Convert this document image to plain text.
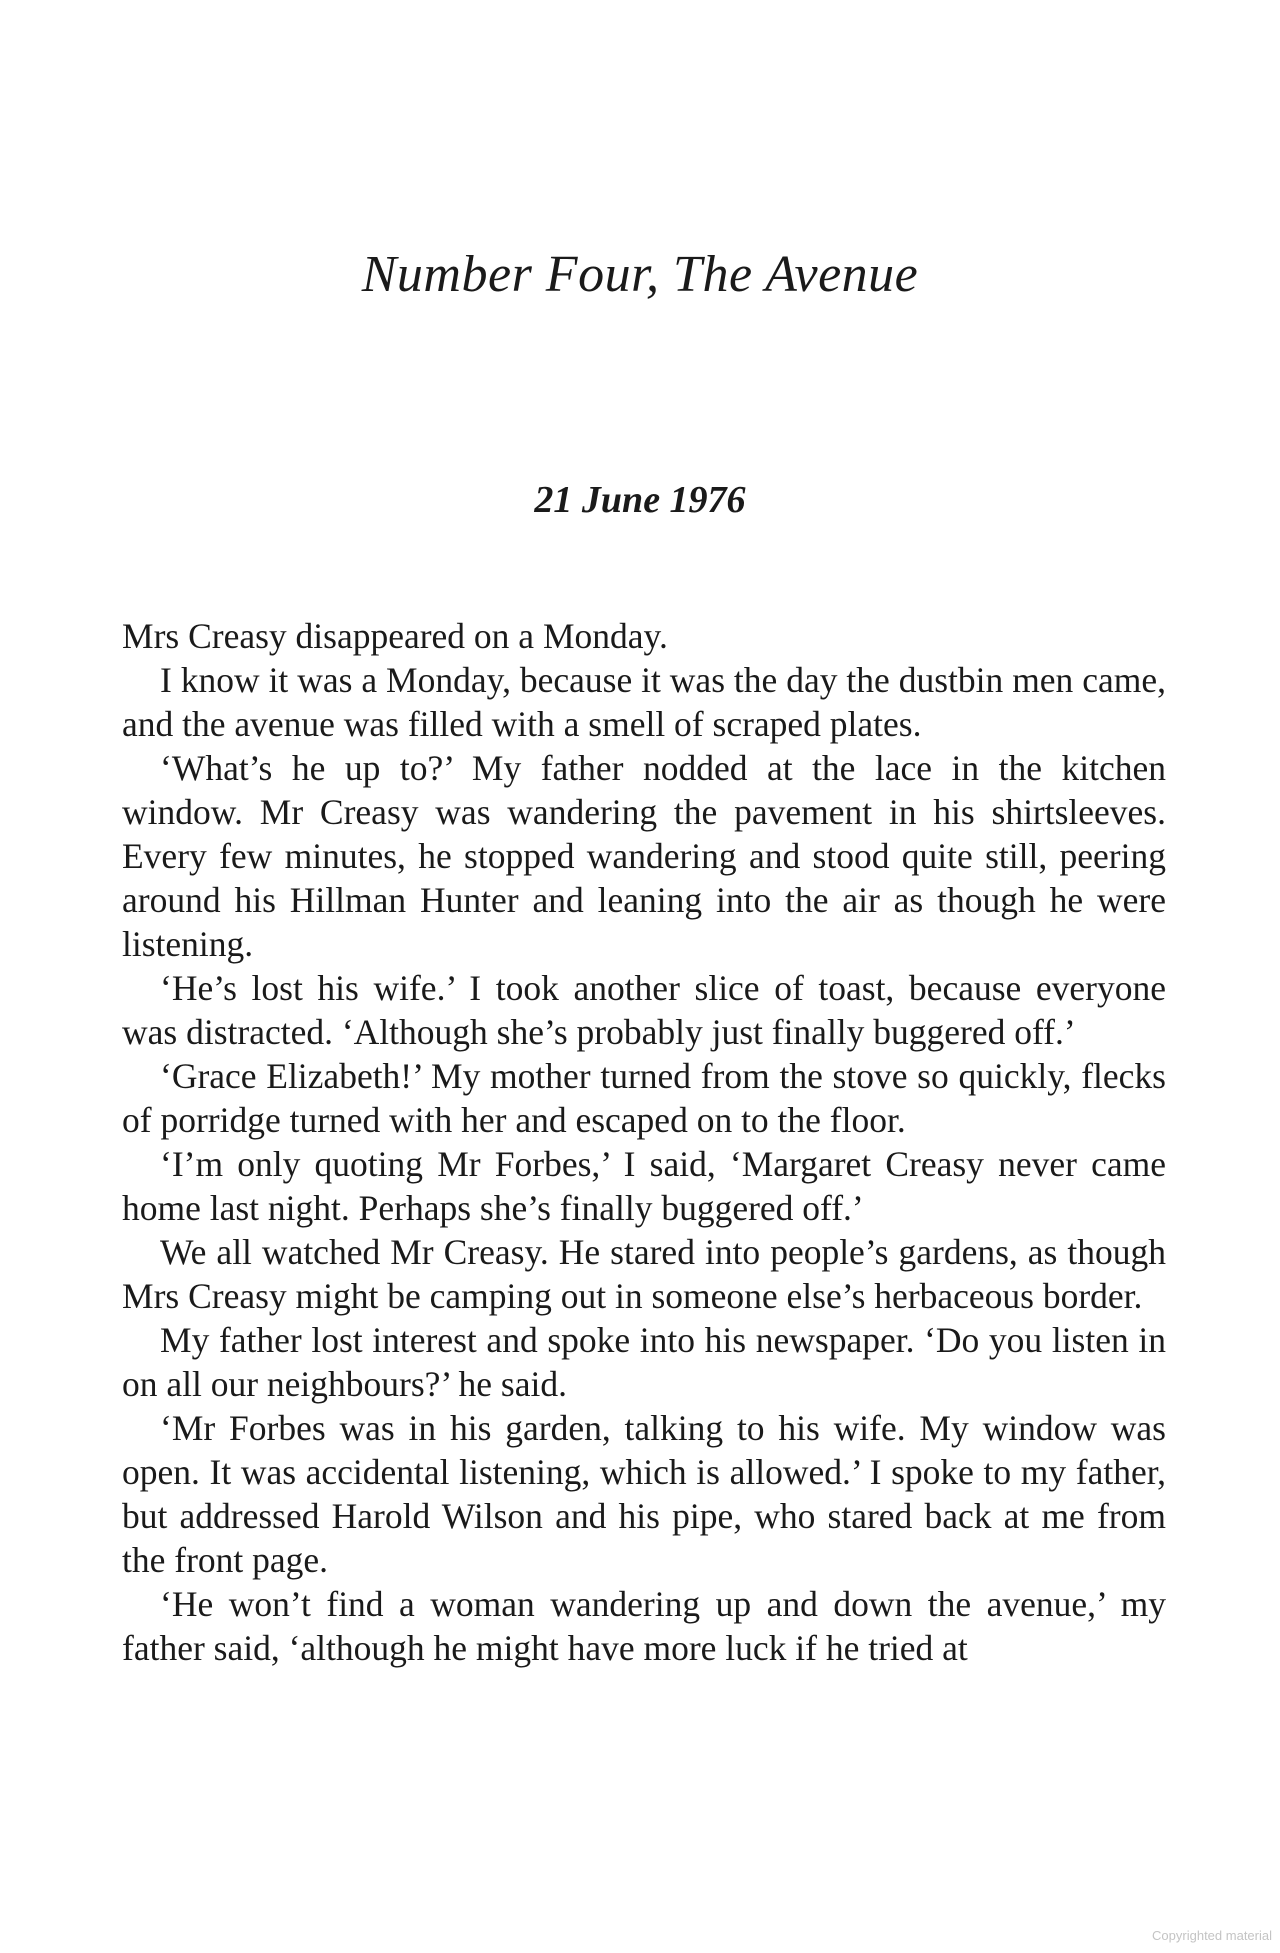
Number Four, The Avenue
21 June 1976

Mrs Creasy disappeared on a Monday.

I know it was a Monday, because it was the day the dustbin men came, and the avenue was filled with a smell of scraped plates.

‘What’s he up to?’ My father nodded at the lace in the kitchen window. Mr Creasy was wandering the pavement in his shirtsleeves. Every few minutes, he stopped wandering and stood quite still, peering around his Hillman Hunter and leaning into the air as though he were listening.

‘He’s lost his wife.’ I took another slice of toast, because everyone was distracted. ‘Although she’s probably just finally buggered off.’

‘Grace Elizabeth!’ My mother turned from the stove so quickly, flecks of porridge turned with her and escaped on to the floor.

‘I’m only quoting Mr Forbes,’ I said, ‘Margaret Creasy never came home last night. Perhaps she’s finally buggered off.’

We all watched Mr Creasy. He stared into people’s gardens, as though Mrs Creasy might be camping out in someone else’s herbaceous border.

My father lost interest and spoke into his newspaper. ‘Do you listen in on all our neighbours?’ he said.

‘Mr Forbes was in his garden, talking to his wife. My window was open. It was accidental listening, which is allowed.’ I spoke to my father, but addressed Harold Wilson and his pipe, who stared back at me from the front page.

‘He won’t find a woman wandering up and down the avenue,’ my father said, ‘although he might have more luck if he tried at

Copyrighted material
